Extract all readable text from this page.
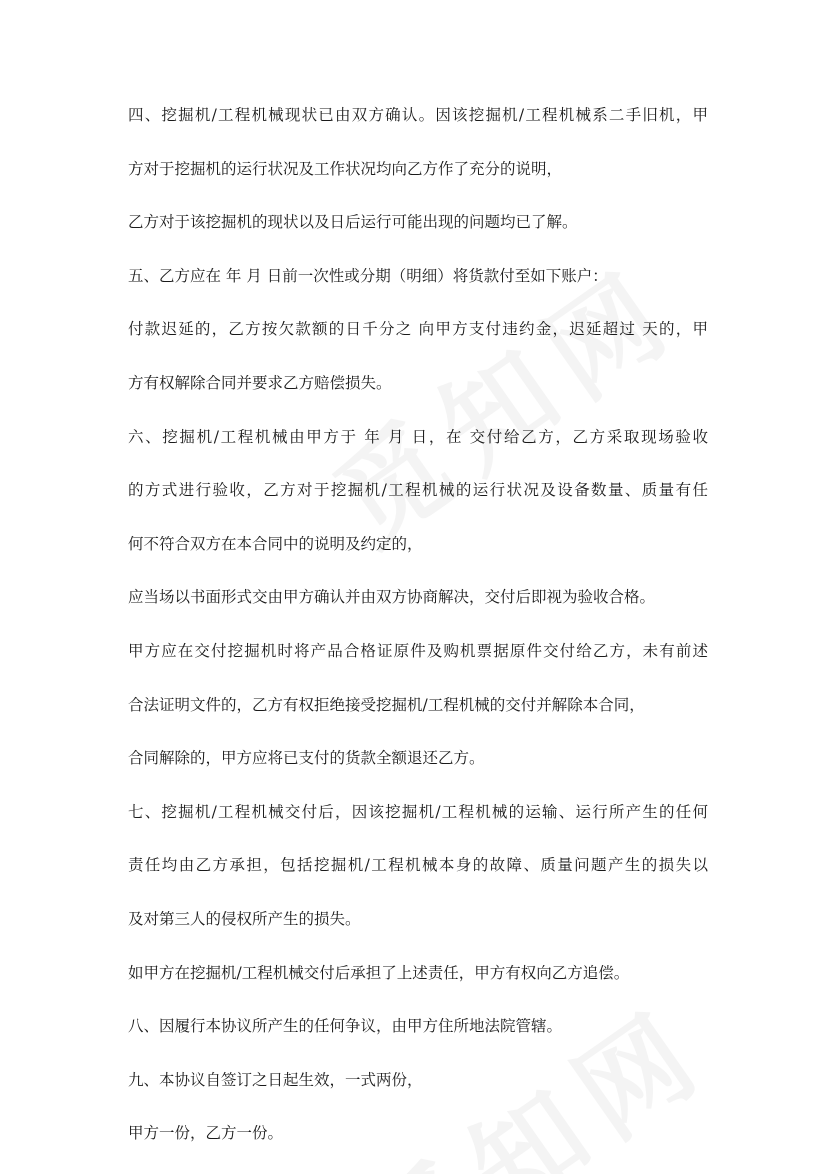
四、挖掘机/工程机械现状已由双方确认。因该挖掘机/工程机械系二手旧机，甲

方对于挖掘机的运行状况及工作状况均向乙方作了充分的说明，

乙方对于该挖掘机的现状以及日后运行可能出现的问题均已了解。

五、乙方应在 年 月 日前一次性或分期（明细）将货款付至如下账户：

付款迟延的，乙方按欠款额的日千分之 向甲方支付违约金，迟延超过 天的，甲

方有权解除合同并要求乙方赔偿损失。

六、挖掘机/工程机械由甲方于 年 月 日，在 交付给乙方，乙方采取现场验收

的方式进行验收，乙方对于挖掘机/工程机械的运行状况及设备数量、质量有任

何不符合双方在本合同中的说明及约定的，

应当场以书面形式交由甲方确认并由双方协商解决，交付后即视为验收合格。

甲方应在交付挖掘机时将产品合格证原件及购机票据原件交付给乙方，未有前述

合法证明文件的，乙方有权拒绝接受挖掘机/工程机械的交付并解除本合同，

合同解除的，甲方应将已支付的货款全额退还乙方。

七、挖掘机/工程机械交付后，因该挖掘机/工程机械的运输、运行所产生的任何

责任均由乙方承担，包括挖掘机/工程机械本身的故障、质量问题产生的损失以

及对第三人的侵权所产生的损失。

如甲方在挖掘机/工程机械交付后承担了上述责任，甲方有权向乙方追偿。

八、因履行本协议所产生的任何争议，由甲方住所地法院管辖。

九、本协议自签订之日起生效，一式两份，

甲方一份，乙方一份。
